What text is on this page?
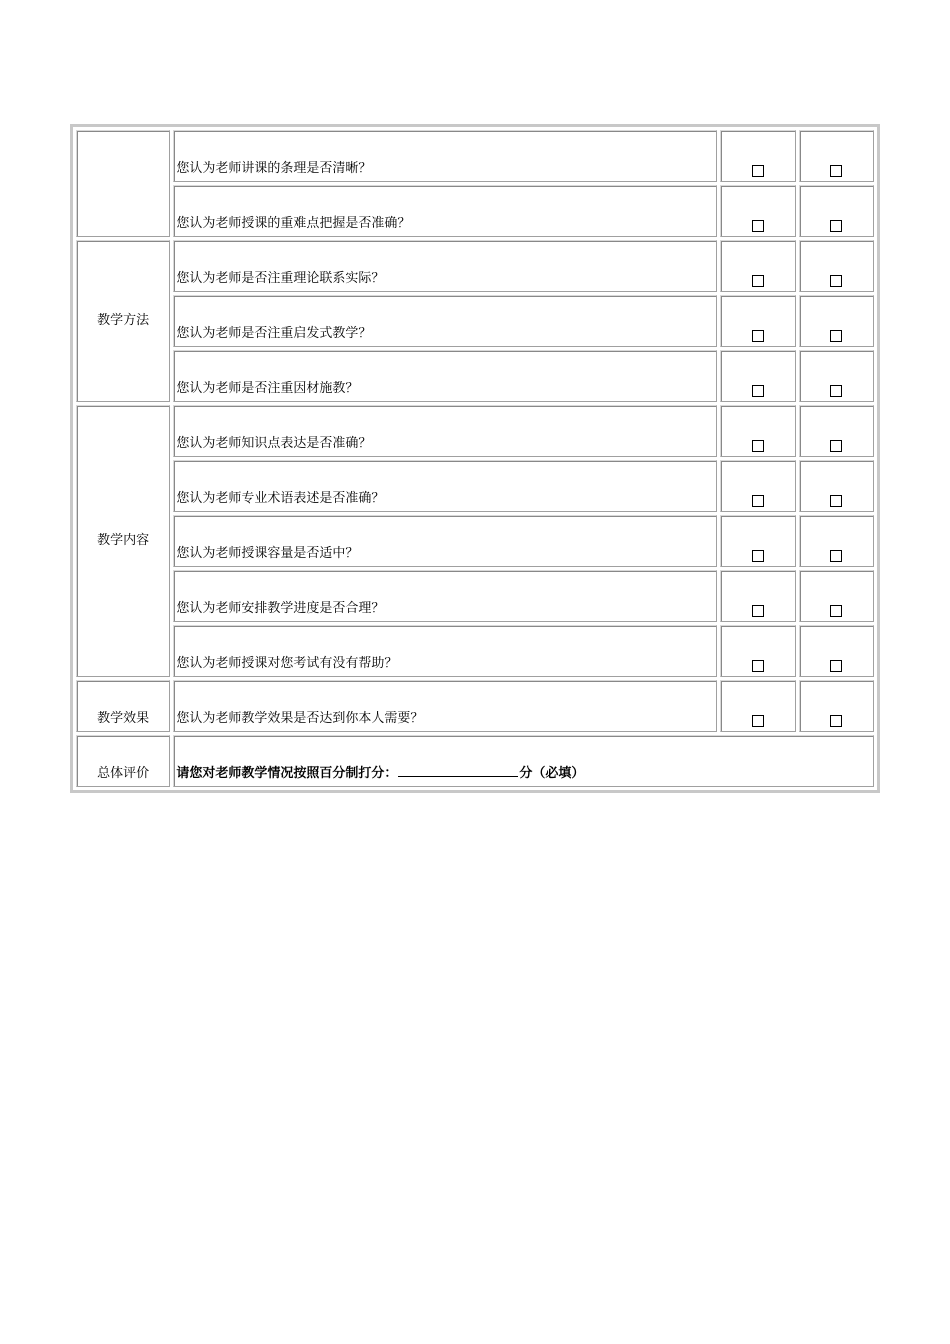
	您认为老师讲课的条理是否清晰？		
	您认为老师授课的重难点把握是否准确？		
教学方法	您认为老师是否注重理论联系实际？		
	您认为老师是否注重启发式教学？		
	您认为老师是否注重因材施教？		
教学内容	您认为老师知识点表达是否准确？		
	您认为老师专业术语表述是否准确？		
	您认为老师授课容量是否适中？		
	您认为老师安排教学进度是否合理？		
	您认为老师授课对您考试有没有帮助？		
教学效果	您认为老师教学效果是否达到你本人需要？		
总体评价	请您对老师教学情况按照百分制打分： 分（必填）		
